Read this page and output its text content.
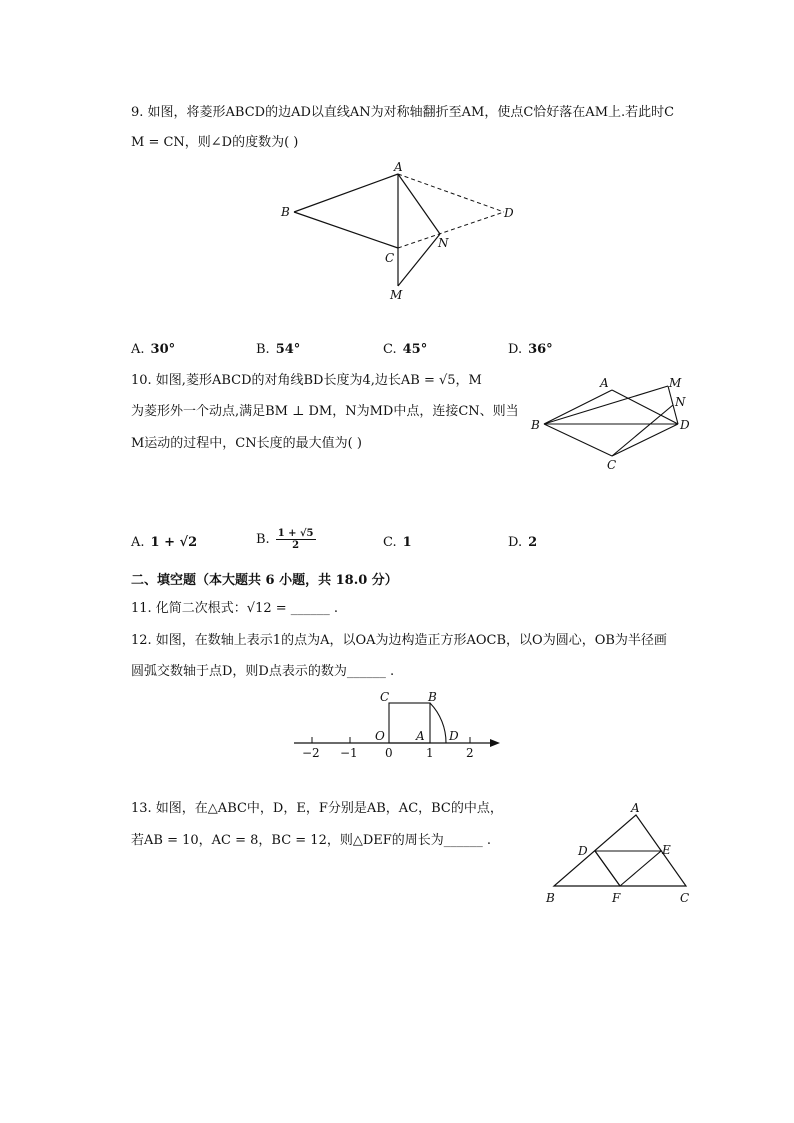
9. 如图，将菱形ABCD的边AD以直线AN为对称轴翻折至AM，使点C恰好落在AM上.若此时C
M = CN，则∠D的度数为( )
A
B
C
D
N
M
A. 30°	B. 54°	C. 45°	D. 36°
10. 如图,菱形ABCD的对角线BD长度为4,边长AB = √5，M
为菱形外一个动点,满足BM ⊥ DM，N为MD中点，连接CN、则当
M运动的过程中，CN长度的最大值为( )
A	M
N
B	D
C
A. 1 + √2	B. $\frac{1 + √5}{2}$	C. 1	D. 2
二、填空题（本大题共 6 小题，共 18.0 分）
11. 化简二次根式：√12 = ______ .
12. 如图，在数轴上表示1的点为A，以OA为边构造正方形AOCB，以O为圆心，OB为半径画
圆弧交数轴于点D，则D点表示的数为______ .
C	B
O	A D
−2 −1 0	1	2
13. 如图，在△ABC中，D，E，F分别是AB，AC，BC的中点，
若AB = 10，AC = 8，BC = 12，则△DEF的周长为______ .
A
D	E
B	F	C
